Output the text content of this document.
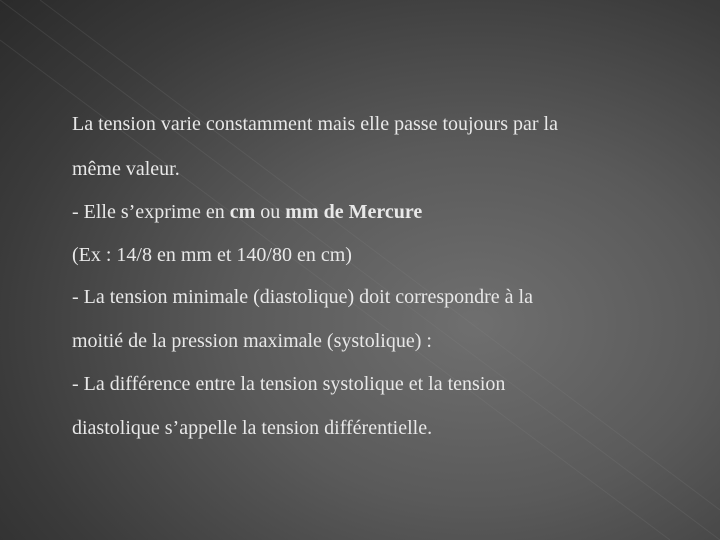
La tension varie constamment mais elle passe toujours par la
même valeur.
- Elle s’exprime en cm ou mm de Mercure
(Ex : 14/8 en mm et 140/80 en cm)
- La tension minimale (diastolique) doit correspondre à la
moitié de la pression maximale (systolique) :
- La différence entre la tension systolique et la tension
diastolique s’appelle la tension différentielle.
